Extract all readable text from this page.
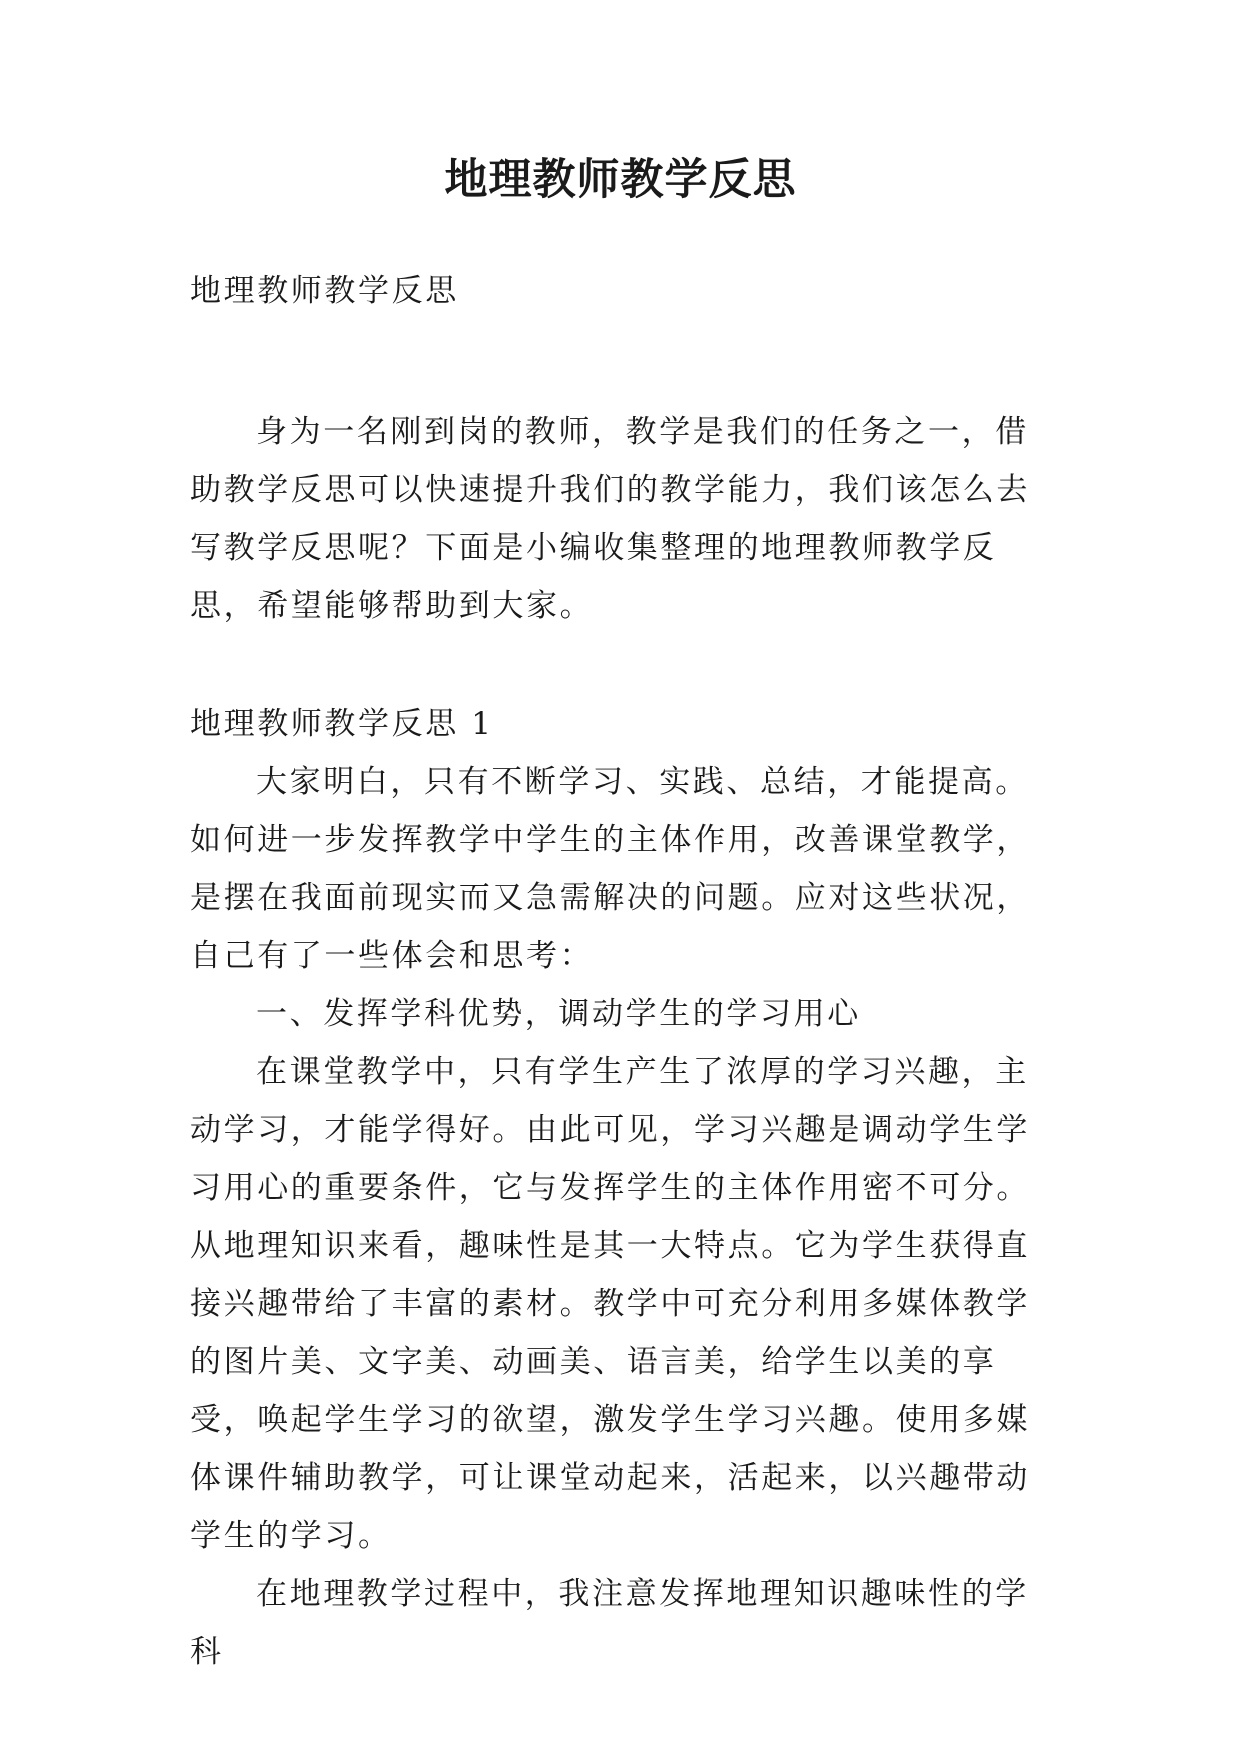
地理教师教学反思

地理教师教学反思

身为一名刚到岗的教师，教学是我们的任务之一，借助教学反思可以快速提升我们的教学能力，我们该怎么去写教学反思呢？下面是小编收集整理的地理教师教学反思，希望能够帮助到大家。

地理教师教学反思 1

大家明白，只有不断学习、实践、总结，才能提高。如何进一步发挥教学中学生的主体作用，改善课堂教学，是摆在我面前现实而又急需解决的问题。应对这些状况，自己有了一些体会和思考：

一、发挥学科优势，调动学生的学习用心

在课堂教学中，只有学生产生了浓厚的学习兴趣，主动学习，才能学得好。由此可见，学习兴趣是调动学生学习用心的重要条件，它与发挥学生的主体作用密不可分。从地理知识来看，趣味性是其一大特点。它为学生获得直接兴趣带给了丰富的素材。教学中可充分利用多媒体教学的图片美、文字美、动画美、语言美，给学生以美的享受，唤起学生学习的欲望，激发学生学习兴趣。使用多媒体课件辅助教学，可让课堂动起来，活起来，以兴趣带动学生的学习。

在地理教学过程中，我注意发挥地理知识趣味性的学科
